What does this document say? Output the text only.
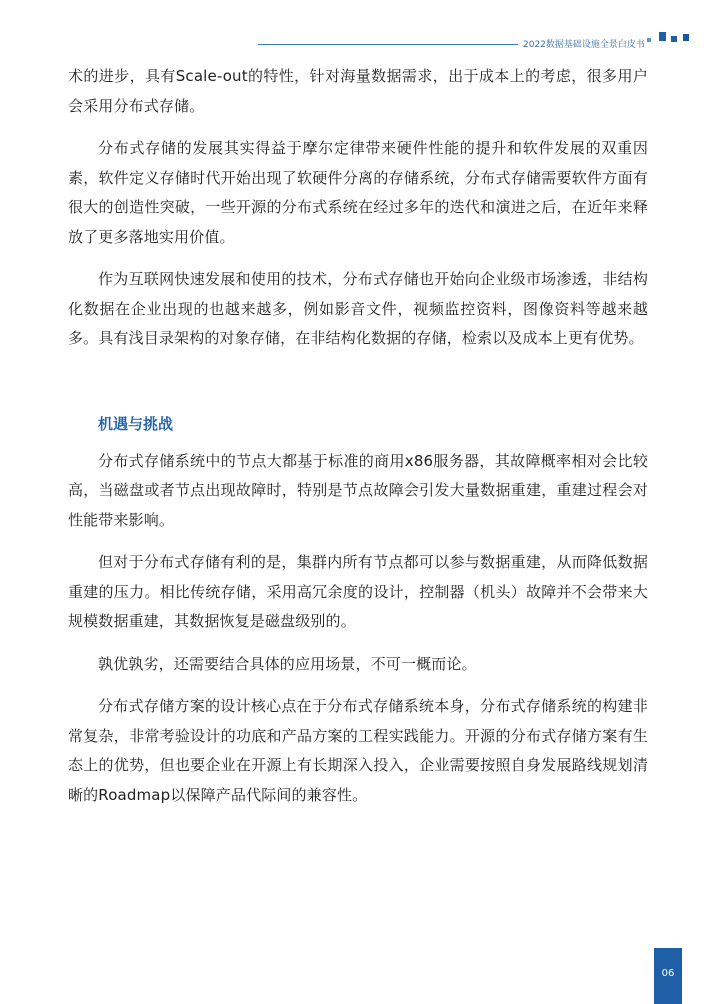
2022数据基础设施全景白皮书

术的进步，具有Scale-out的特性，针对海量数据需求，出于成本上的考虑，很多用户会采用分布式存储。

分布式存储的发展其实得益于摩尔定律带来硬件性能的提升和软件发展的双重因素，软件定义存储时代开始出现了软硬件分离的存储系统，分布式存储需要软件方面有很大的创造性突破，一些开源的分布式系统在经过多年的迭代和演进之后，在近年来释放了更多落地实用价值。

作为互联网快速发展和使用的技术，分布式存储也开始向企业级市场渗透，非结构化数据在企业出现的也越来越多，例如影音文件，视频监控资料，图像资料等越来越多。具有浅目录架构的对象存储，在非结构化数据的存储，检索以及成本上更有优势。

机遇与挑战

分布式存储系统中的节点大都基于标准的商用x86服务器，其故障概率相对会比较高，当磁盘或者节点出现故障时，特别是节点故障会引发大量数据重建，重建过程会对性能带来影响。

但对于分布式存储有利的是，集群内所有节点都可以参与数据重建，从而降低数据重建的压力。相比传统存储，采用高冗余度的设计，控制器（机头）故障并不会带来大规模数据重建，其数据恢复是磁盘级别的。

孰优孰劣，还需要结合具体的应用场景，不可一概而论。

分布式存储方案的设计核心点在于分布式存储系统本身，分布式存储系统的构建非常复杂，非常考验设计的功底和产品方案的工程实践能力。开源的分布式存储方案有生态上的优势，但也要企业在开源上有长期深入投入，企业需要按照自身发展路线规划清晰的Roadmap以保障产品代际间的兼容性。

06
